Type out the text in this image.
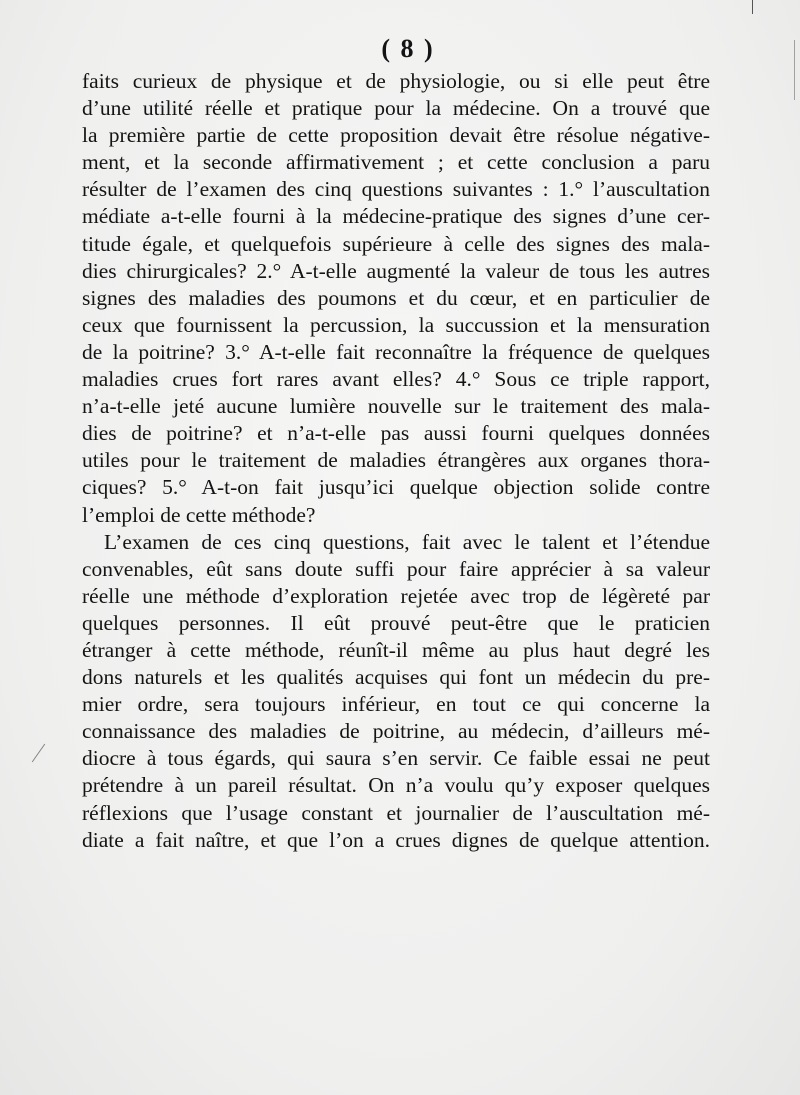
( 8 )
faits curieux de physique et de physiologie, ou si elle peut être
d’une utilité réelle et pratique pour la médecine. On a trouvé que
la première partie de cette proposition devait être résolue négative-
ment, et la seconde affirmativement ; et cette conclusion a paru
résulter de l’examen des cinq questions suivantes : 1.° l’auscultation
médiate a-t-elle fourni à la médecine-pratique des signes d’une cer-
titude égale, et quelquefois supérieure à celle des signes des mala-
dies chirurgicales? 2.° A-t-elle augmenté la valeur de tous les autres
signes des maladies des poumons et du cœur, et en particulier de
ceux que fournissent la percussion, la succussion et la mensuration
de la poitrine? 3.° A-t-elle fait reconnaître la fréquence de quelques
maladies crues fort rares avant elles? 4.° Sous ce triple rapport,
n’a-t-elle jeté aucune lumière nouvelle sur le traitement des mala-
dies de poitrine? et n’a-t-elle pas aussi fourni quelques données
utiles pour le traitement de maladies étrangères aux organes thora-
ciques? 5.° A-t-on fait jusqu’ici quelque objection solide contre
l’emploi de cette méthode?
L’examen de ces cinq questions, fait avec le talent et l’étendue
convenables, eût sans doute suffi pour faire apprécier à sa valeur
réelle une méthode d’exploration rejetée avec trop de légèreté par
quelques personnes. Il eût prouvé peut-être que le praticien
étranger à cette méthode, réunît-il même au plus haut degré les
dons naturels et les qualités acquises qui font un médecin du pre-
mier ordre, sera toujours inférieur, en tout ce qui concerne la
connaissance des maladies de poitrine, au médecin, d’ailleurs mé-
diocre à tous égards, qui saura s’en servir. Ce faible essai ne peut
prétendre à un pareil résultat. On n’a voulu qu’y exposer quelques
réflexions que l’usage constant et journalier de l’auscultation mé-
diate a fait naître, et que l’on a crues dignes de quelque attention.
